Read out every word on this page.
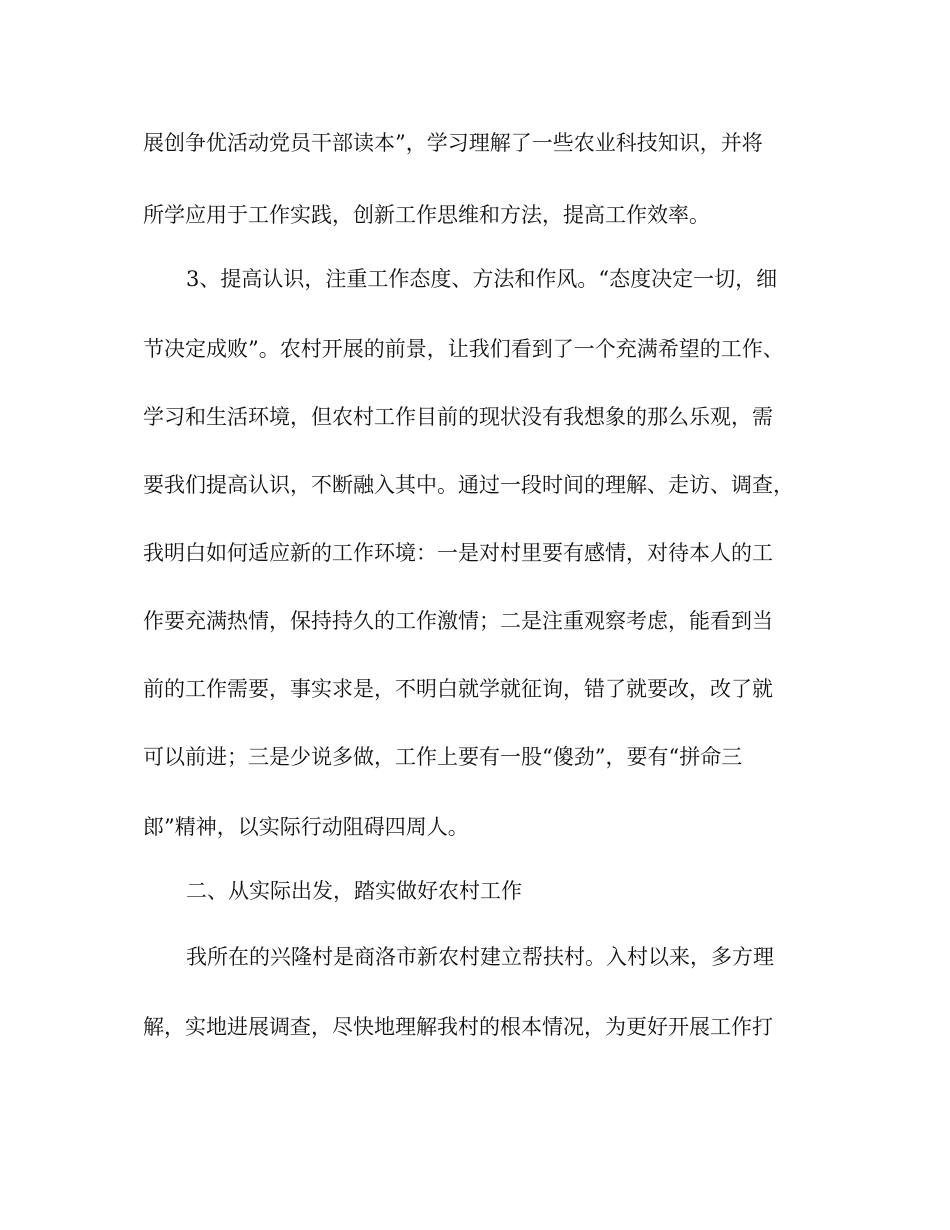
展创争优活动党员干部读本”，学习理解了一些农业科技知识，并将
所学应用于工作实践，创新工作思维和方法，提高工作效率。
3、提高认识，注重工作态度、方法和作风。“态度决定一切，细
节决定成败”。农村开展的前景，让我们看到了一个充满希望的工作、
学习和生活环境，但农村工作目前的现状没有我想象的那么乐观，需
要我们提高认识，不断融入其中。通过一段时间的理解、走访、调查，
我明白如何适应新的工作环境：一是对村里要有感情，对待本人的工
作要充满热情，保持持久的工作激情；二是注重观察考虑，能看到当
前的工作需要，事实求是，不明白就学就征询，错了就要改，改了就
可以前进；三是少说多做，工作上要有一股“傻劲”，要有“拼命三
郎”精神，以实际行动阻碍四周人。
二、从实际出发，踏实做好农村工作
我所在的兴隆村是商洛市新农村建立帮扶村。入村以来，多方理
解，实地进展调查，尽快地理解我村的根本情况，为更好开展工作打
